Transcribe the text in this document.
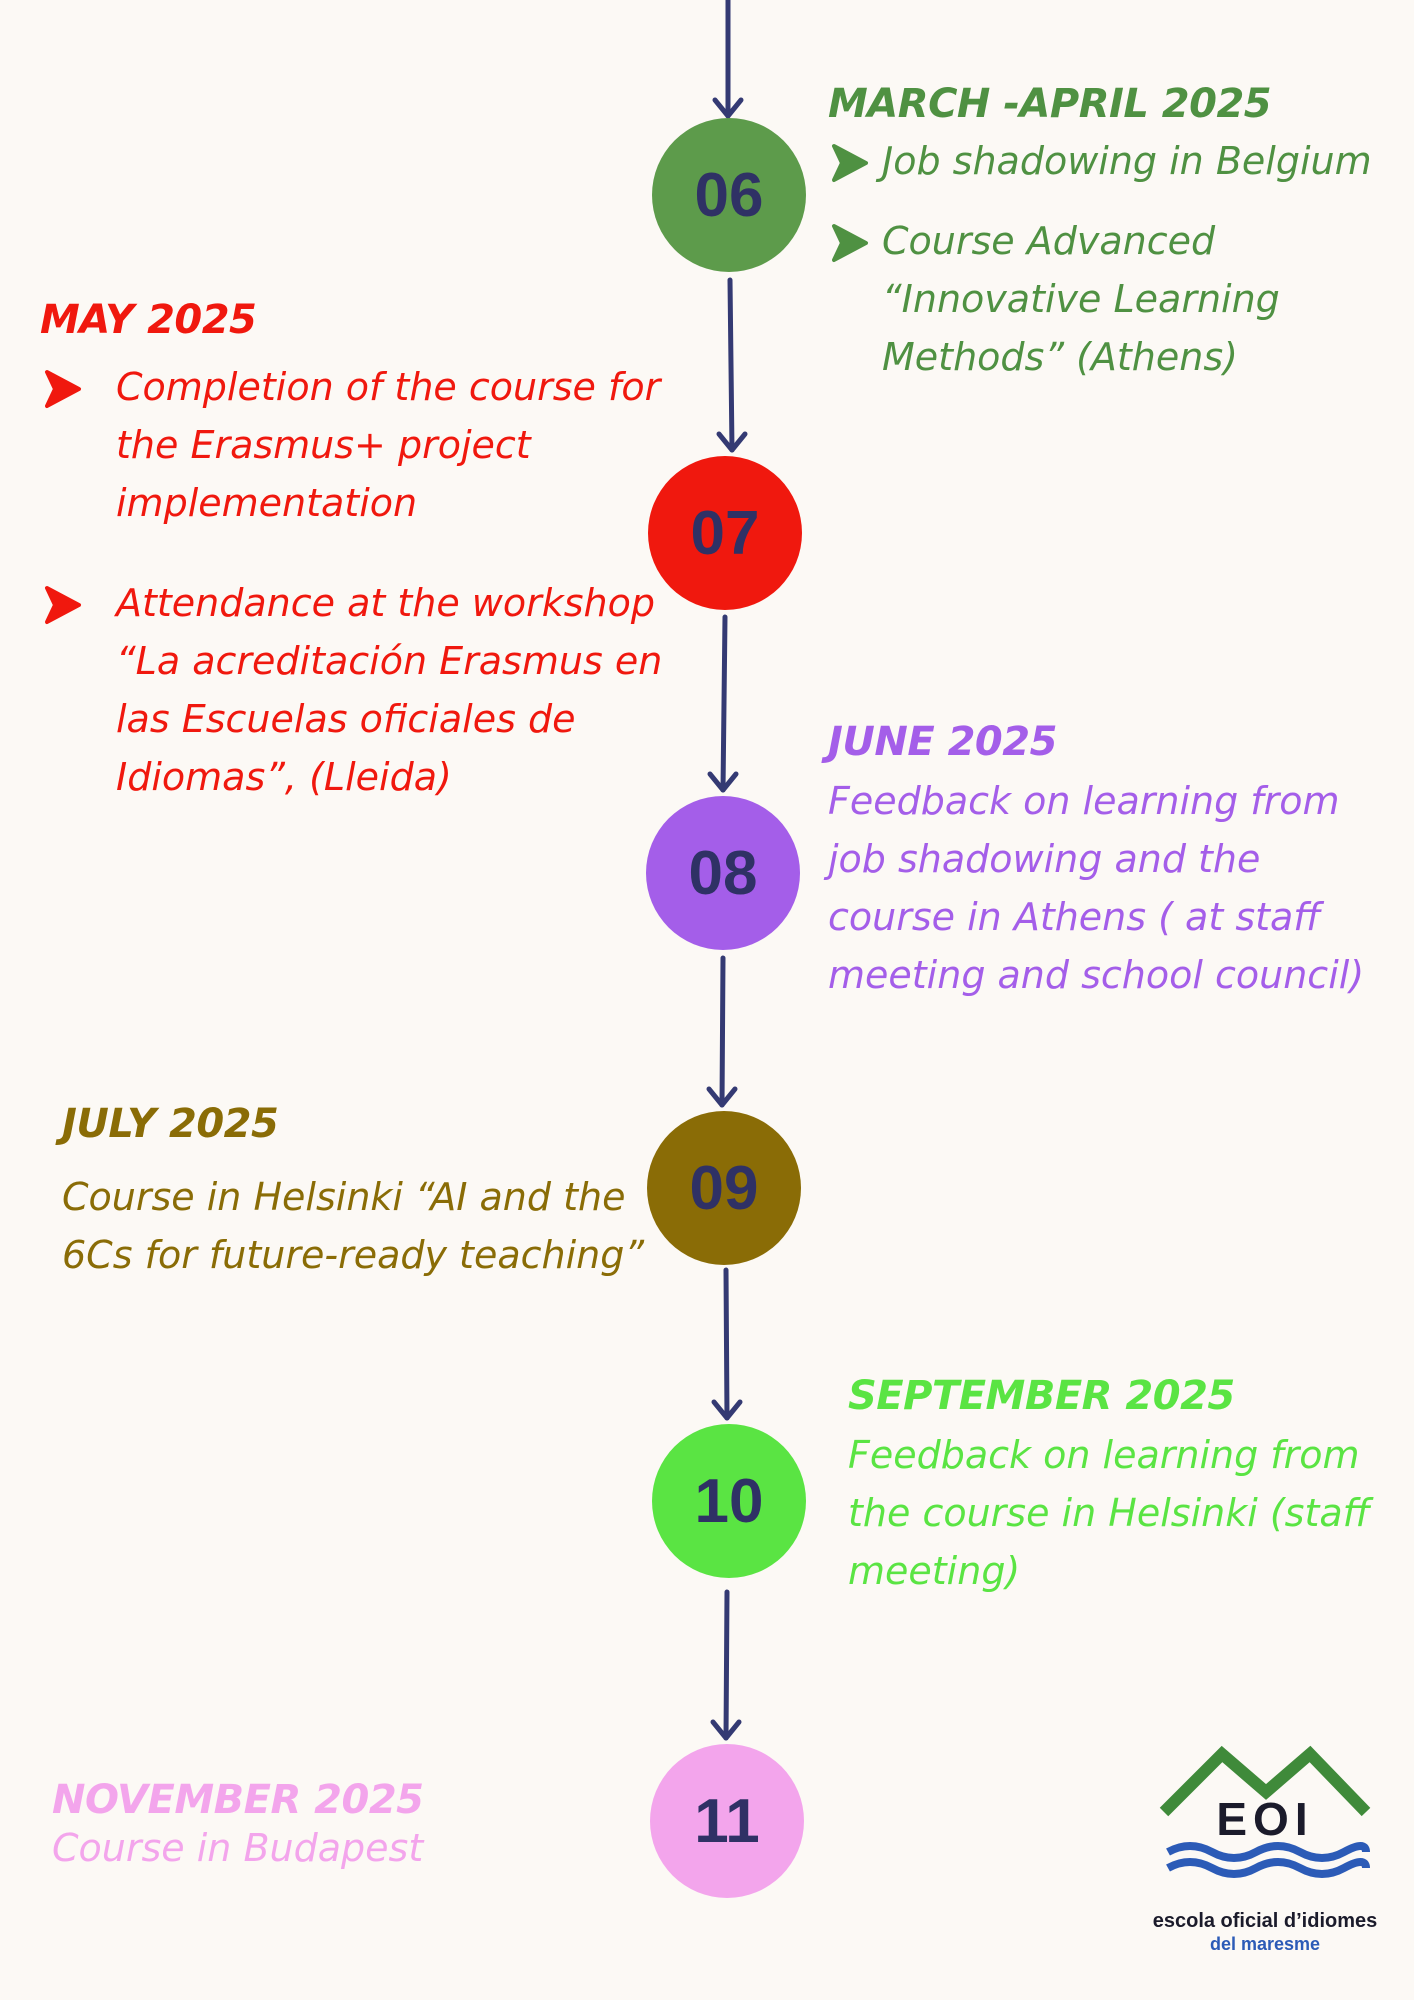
06
07
08
09
10
11
MARCH -APRIL 2025
Job shadowing in Belgium
Course Advanced “Innovative Learning Methods” (Athens)
MAY 2025
Completion of the course for the Erasmus+ project implementation
Attendance at the workshop “La acreditación Erasmus en las Escuelas oficiales de Idiomas”, (Lleida)
JUNE 2025
Feedback on learning from job shadowing and the course in Athens ( at staff meeting and school council)
JULY 2025
Course in Helsinki “AI and the 6Cs for future-ready teaching”
SEPTEMBER 2025
Feedback on learning from the course in Helsinki (staff meeting)
NOVEMBER 2025
Course in Budapest
EOI
escola oficial d’idiomes
del maresme
